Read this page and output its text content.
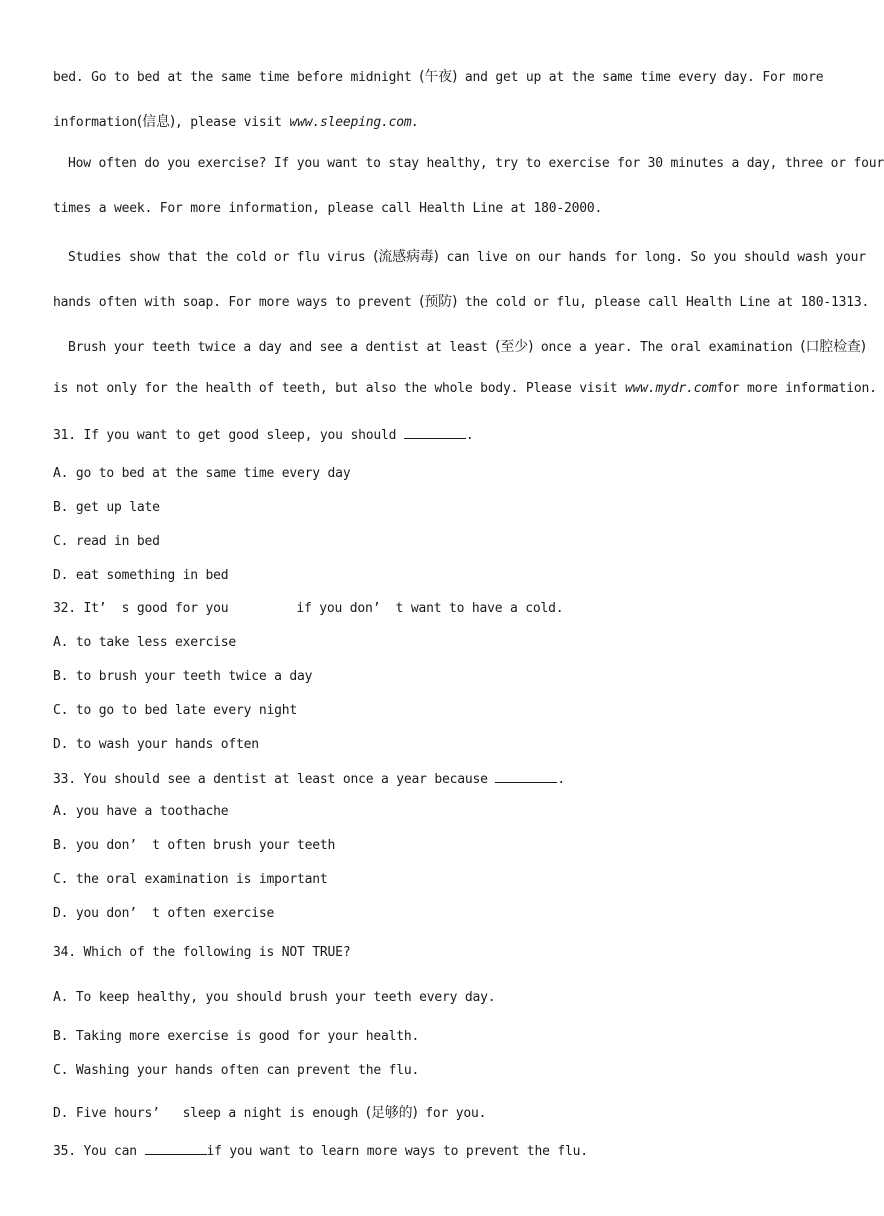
bed. Go to bed at the same time before midnight (午夜) and get up at the same time every day. For more
information(信息), please visit www.sleeping.com.
How often do you exercise? If you want to stay healthy, try to exercise for 30 minutes a day, three or four
times a week. For more information, please call Health Line at 180-2000.
Studies show that the cold or flu virus (流感病毒) can live on our hands for long. So you should wash your
hands often with soap. For more ways to prevent (预防) the cold or flu, please call Health Line at 180-1313.
Brush your teeth twice a day and see a dentist at least (至少) once a year. The oral examination (口腔检查)
is not only for the health of teeth, but also the whole body. Please visit www.mydr.comfor more information.
31. If you want to get good sleep, you should	.
A. go to bed at the same time every day
B. get up late
C. read in bed
D. eat something in bed
32. It’  s good for you	if you don’  t want to have a cold.
A. to take less exercise
B. to brush your teeth twice a day
C. to go to bed late every night
D. to wash your hands often
33. You should see a dentist at least once a year because	.
A. you have a toothache
B. you don’  t often brush your teeth
C. the oral examination is important
D. you don’  t often exercise
34. Which of the following is NOT TRUE?
A. To keep healthy, you should brush your teeth every day.
B. Taking more exercise is good for your health.
C. Washing your hands often can prevent the flu.
D. Five hours’   sleep a night is enough (足够的) for you.
35. You can	if you want to learn more ways to prevent the flu.
